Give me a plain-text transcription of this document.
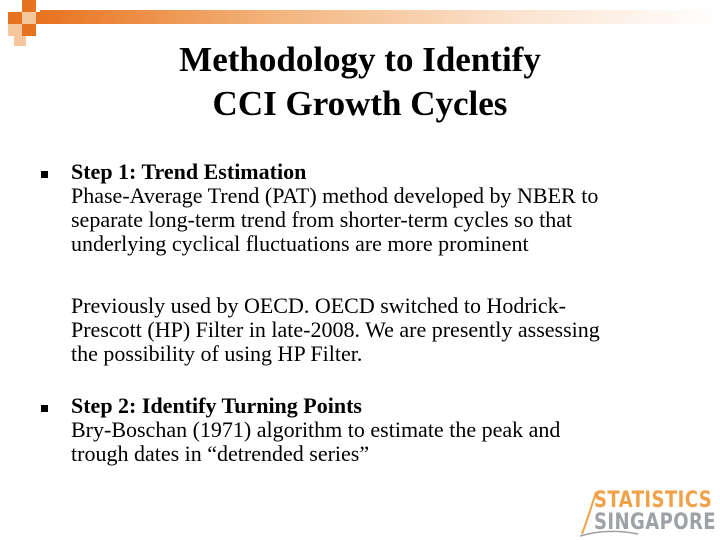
Methodology to Identify
CCI Growth Cycles
Step 1: Trend Estimation
Phase-Average Trend (PAT) method developed by NBER to
separate long-term trend from shorter-term cycles so that
underlying cyclical fluctuations are more prominent
Previously used by OECD. OECD switched to Hodrick-
Prescott (HP) Filter in late-2008. We are presently assessing
the possibility of using HP Filter.
Step 2: Identify Turning Points
Bry-Boschan (1971) algorithm to estimate the peak and
trough dates in “detrended series”
STATISTICS
SINGAPORE
